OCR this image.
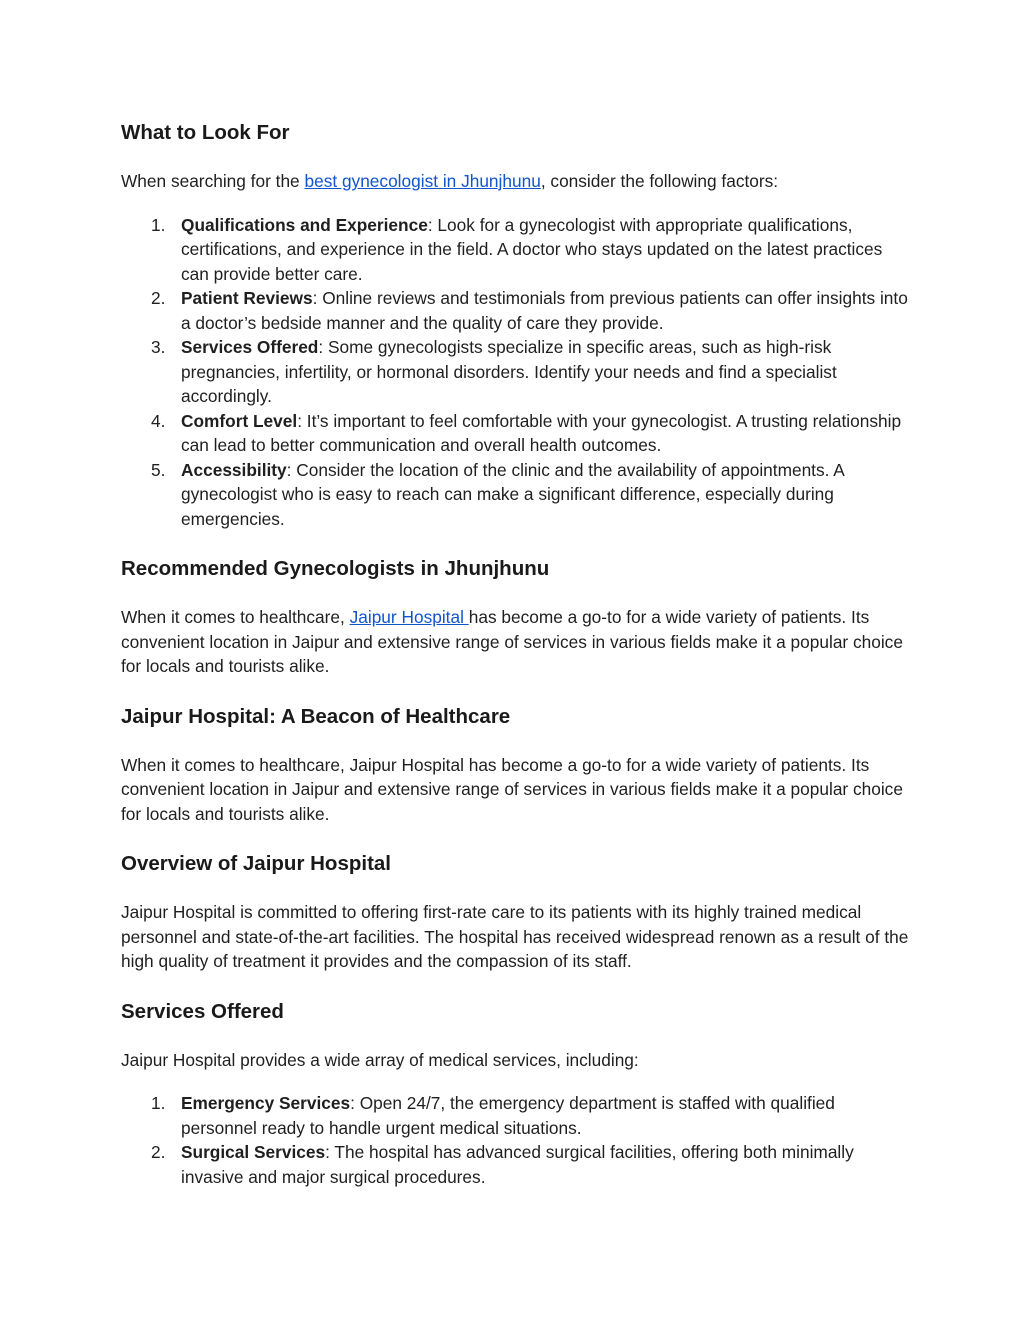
What to Look For

When searching for the best gynecologist in Jhunjhunu, consider the following factors:

1. Qualifications and Experience: Look for a gynecologist with appropriate qualifications, certifications, and experience in the field. A doctor who stays updated on the latest practices can provide better care.
2. Patient Reviews: Online reviews and testimonials from previous patients can offer insights into a doctor’s bedside manner and the quality of care they provide.
3. Services Offered: Some gynecologists specialize in specific areas, such as high-risk pregnancies, infertility, or hormonal disorders. Identify your needs and find a specialist accordingly.
4. Comfort Level: It’s important to feel comfortable with your gynecologist. A trusting relationship can lead to better communication and overall health outcomes.
5. Accessibility: Consider the location of the clinic and the availability of appointments. A gynecologist who is easy to reach can make a significant difference, especially during emergencies.
Recommended Gynecologists in Jhunjhunu

When it comes to healthcare, Jaipur Hospital has become a go-to for a wide variety of patients. Its convenient location in Jaipur and extensive range of services in various fields make it a popular choice for locals and tourists alike.

Jaipur Hospital: A Beacon of Healthcare

When it comes to healthcare, Jaipur Hospital has become a go-to for a wide variety of patients. Its convenient location in Jaipur and extensive range of services in various fields make it a popular choice for locals and tourists alike.

Overview of Jaipur Hospital

Jaipur Hospital is committed to offering first-rate care to its patients with its highly trained medical personnel and state-of-the-art facilities. The hospital has received widespread renown as a result of the high quality of treatment it provides and the compassion of its staff.

Services Offered

Jaipur Hospital provides a wide array of medical services, including:

1. Emergency Services: Open 24/7, the emergency department is staffed with qualified personnel ready to handle urgent medical situations.
2. Surgical Services: The hospital has advanced surgical facilities, offering both minimally invasive and major surgical procedures.
